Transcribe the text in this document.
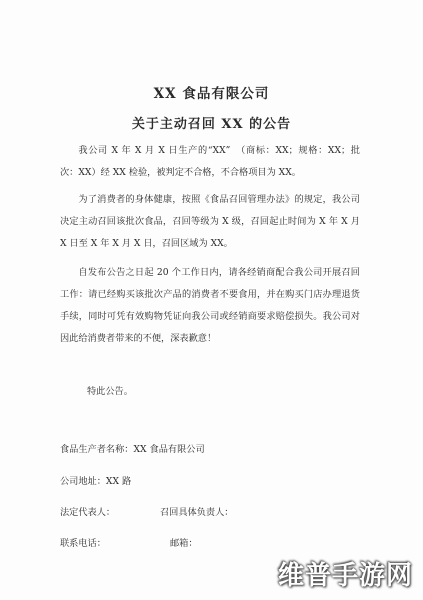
XX 食品有限公司
关于主动召回 XX 的公告

我公司 X 年 X 月 X 日生产的“XX”　（商标：XX；规格：XX；批次：XX）经 XX 检验，被判定不合格，不合格项目为 XX。

为了消费者的身体健康，按照《食品召回管理办法》的规定，我公司决定主动召回该批次食品，召回等级为 X 级，召回起止时间为 X 年 X 月 X 日至 X 年 X 月 X 日，召回区域为 XX。

自发布公告之日起 20 个工作日内，请各经销商配合我公司开展召回工作：请已经购买该批次产品的消费者不要食用，并在购买门店办理退货手续，同时可凭有效购物凭证向我公司或经销商要求赔偿损失。我公司对因此给消费者带来的不便，深表歉意！

特此公告。
食品生产者名称：XX 食品有限公司
公司地址：XX 路
法定代表人：	召回具体负责人：
联系电话：	邮箱：
维普手游网
